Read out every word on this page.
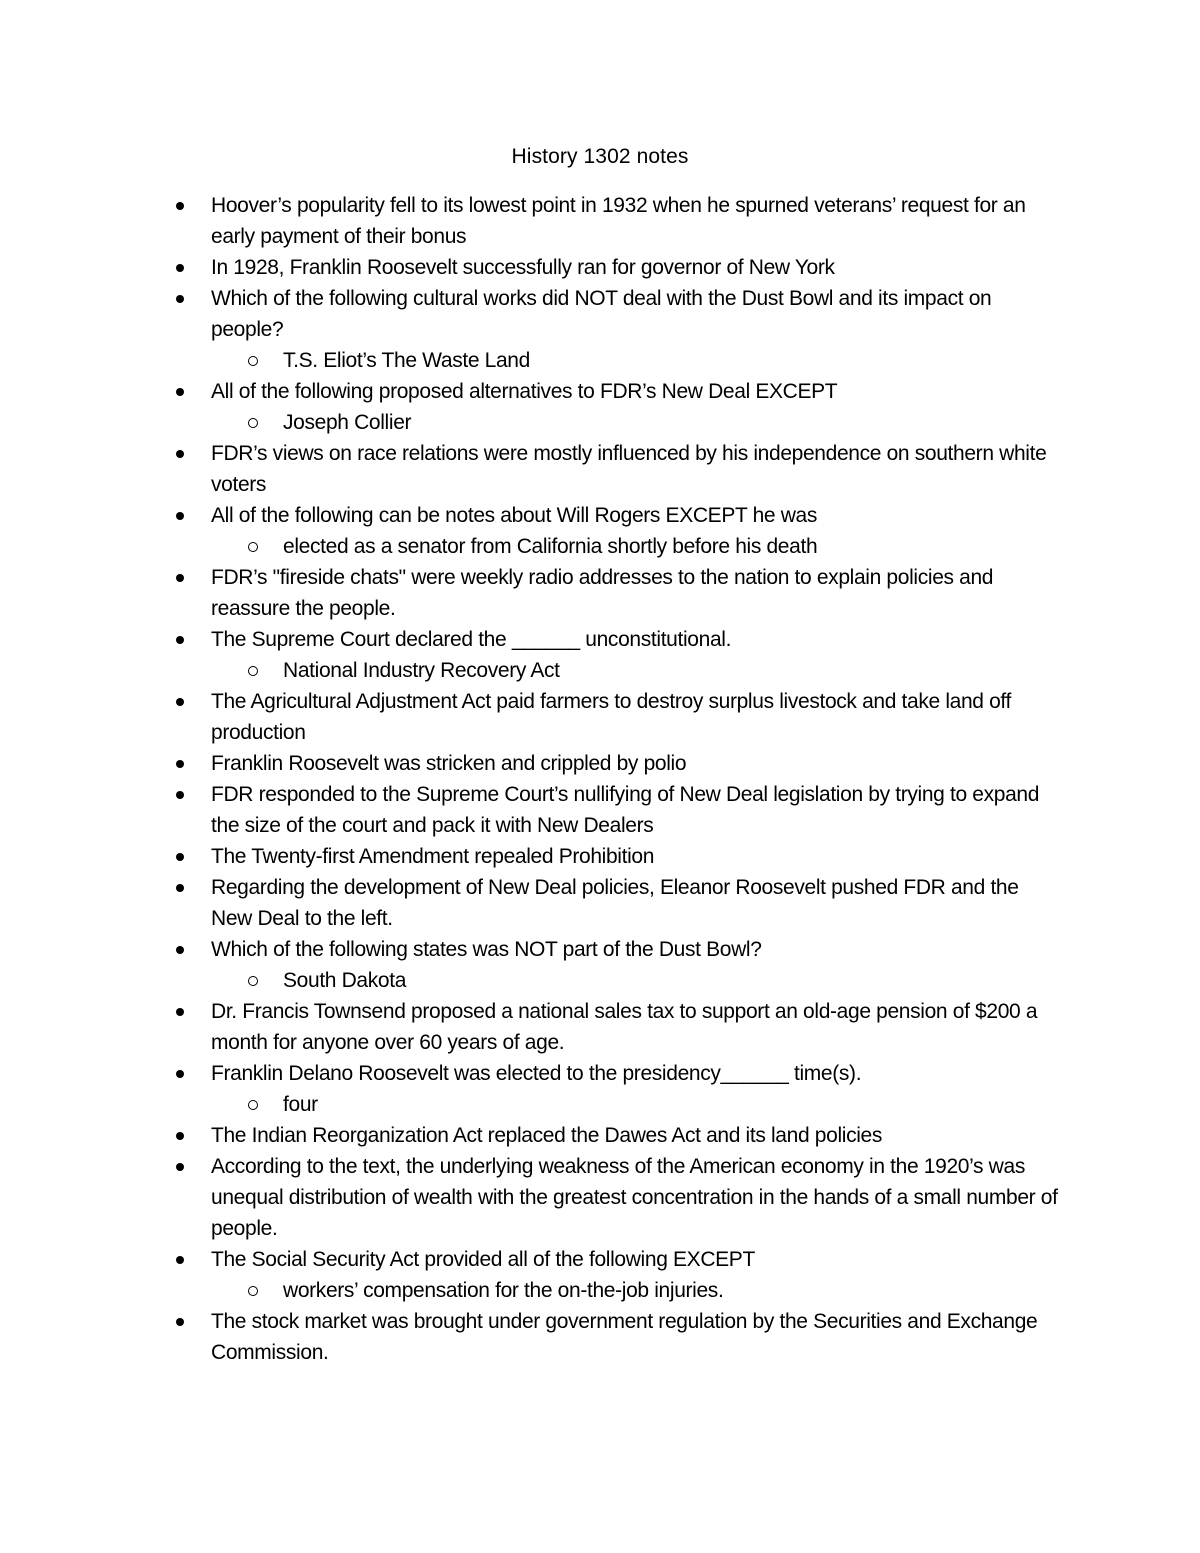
History 1302 notes
Hoover’s popularity fell to its lowest point in 1932 when he spurned veterans’ request for an early payment of their bonus
In 1928, Franklin Roosevelt successfully ran for governor of New York
Which of the following cultural works did NOT deal with the Dust Bowl and its impact on people?
T.S. Eliot’s The Waste Land
All of the following proposed alternatives to FDR’s New Deal EXCEPT
Joseph Collier
FDR’s views on race relations were mostly influenced by his independence on southern white voters
All of the following can be notes about Will Rogers EXCEPT he was
elected as a senator from California shortly before his death
FDR’s "fireside chats" were weekly radio addresses to the nation to explain policies and reassure the people.
The Supreme Court declared the ______ unconstitutional.
National Industry Recovery Act
The Agricultural Adjustment Act paid farmers to destroy surplus livestock and take land off production
Franklin Roosevelt was stricken and crippled by polio
FDR responded to the Supreme Court’s nullifying of New Deal legislation by trying to expand the size of the court and pack it with New Dealers
The Twenty-first Amendment repealed Prohibition
Regarding the development of New Deal policies, Eleanor Roosevelt pushed FDR and the New Deal to the left.
Which of the following states was NOT part of the Dust Bowl?
South Dakota
Dr. Francis Townsend proposed a national sales tax to support an old-age pension of $200 a month for anyone over 60 years of age.
Franklin Delano Roosevelt was elected to the presidency______ time(s).
four
The Indian Reorganization Act replaced the Dawes Act and its land policies
According to the text, the underlying weakness of the American economy in the 1920’s was unequal distribution of wealth with the greatest concentration in the hands of a small number of people.
The Social Security Act provided all of the following EXCEPT
workers’ compensation for the on-the-job injuries.
The stock market was brought under government regulation by the Securities and Exchange Commission.
